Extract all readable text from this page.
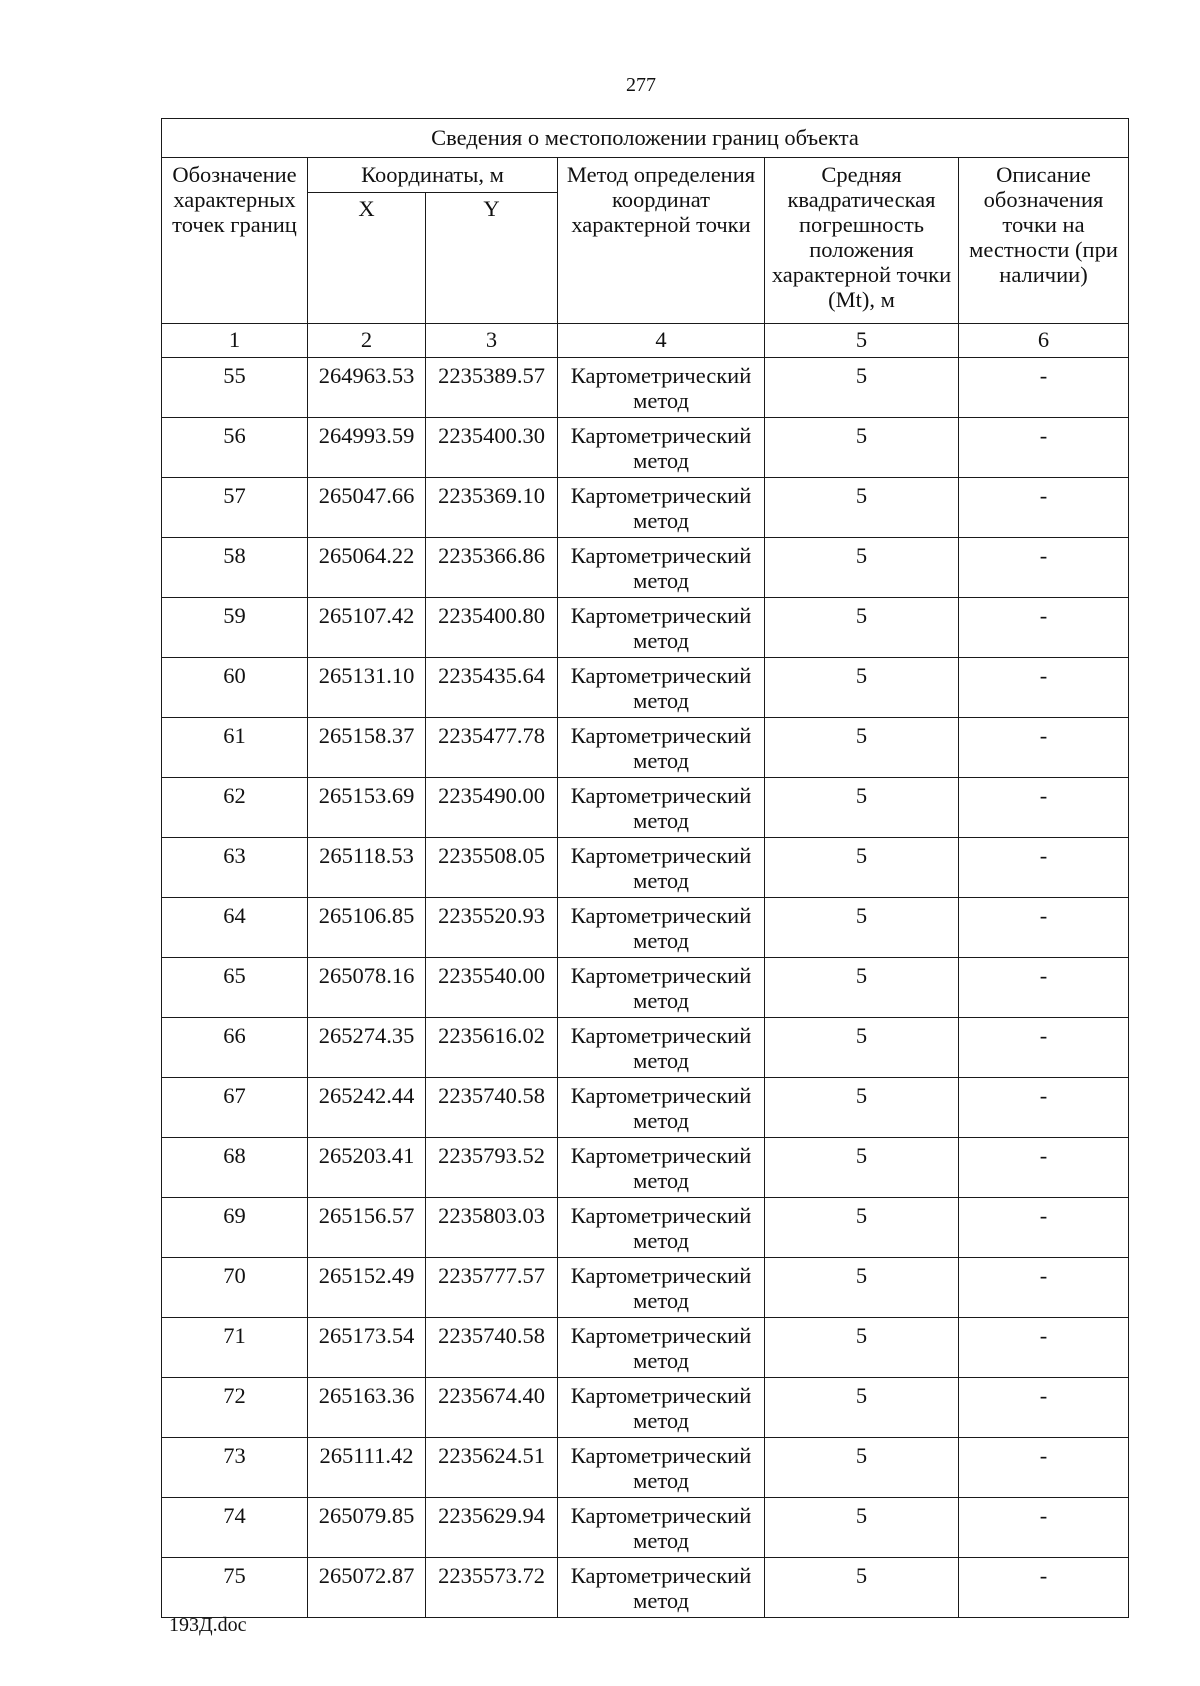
277
Сведения о местоположении границ объекта					
Обозначение характерных точек границ	Координаты, м		Метод определения координат характерной точки	Средняя квадратическая погрешность положения характерной точки (Mt), м	Описание обозначения точки на местности (при наличии)
	X	Y			
1	2	3	4	5	6
55	264963.53	2235389.57	Картометрический метод	5	-
56	264993.59	2235400.30	Картометрический метод	5	-
57	265047.66	2235369.10	Картометрический метод	5	-
58	265064.22	2235366.86	Картометрический метод	5	-
59	265107.42	2235400.80	Картометрический метод	5	-
60	265131.10	2235435.64	Картометрический метод	5	-
61	265158.37	2235477.78	Картометрический метод	5	-
62	265153.69	2235490.00	Картометрический метод	5	-
63	265118.53	2235508.05	Картометрический метод	5	-
64	265106.85	2235520.93	Картометрический метод	5	-
65	265078.16	2235540.00	Картометрический метод	5	-
66	265274.35	2235616.02	Картометрический метод	5	-
67	265242.44	2235740.58	Картометрический метод	5	-
68	265203.41	2235793.52	Картометрический метод	5	-
69	265156.57	2235803.03	Картометрический метод	5	-
70	265152.49	2235777.57	Картометрический метод	5	-
71	265173.54	2235740.58	Картометрический метод	5	-
72	265163.36	2235674.40	Картометрический метод	5	-
73	265111.42	2235624.51	Картометрический метод	5	-
74	265079.85	2235629.94	Картометрический метод	5	-
75	265072.87	2235573.72	Картометрический метод	5	-
193Д.doc
